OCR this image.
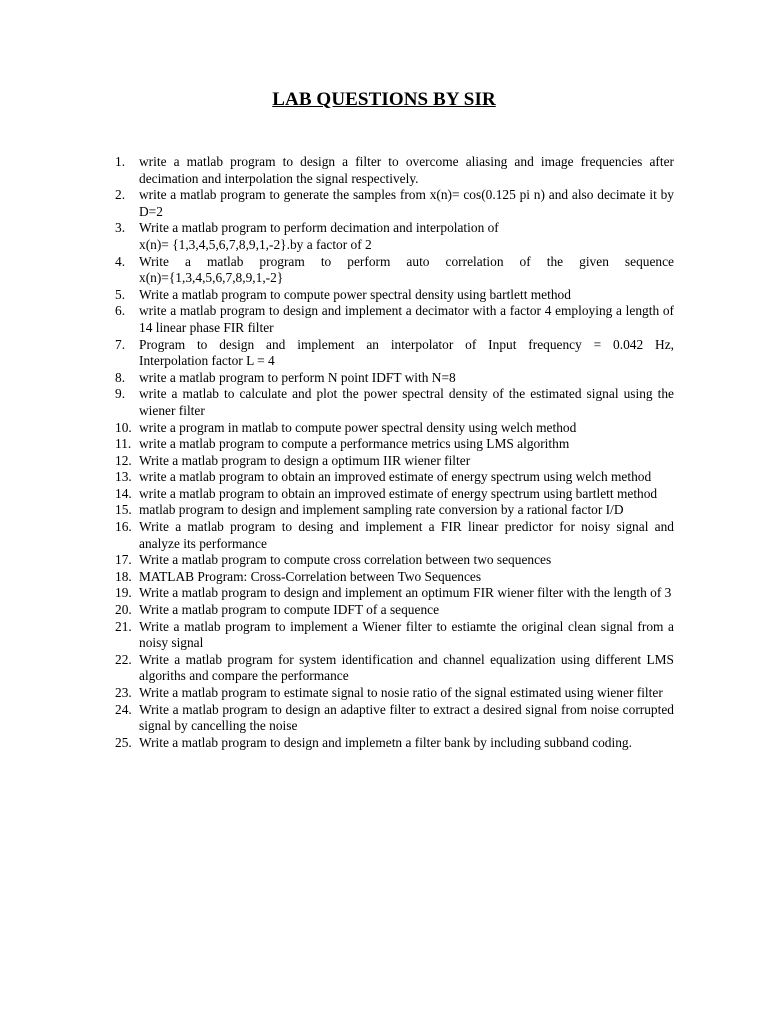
LAB QUESTIONS BY SIR
1. write a matlab program to design a filter to overcome aliasing and image frequencies after decimation and interpolation the signal respectively.
2. write a matlab program to generate the samples from x(n)= cos(0.125 pi n) and also decimate it by D=2
3. Write a matlab program to perform decimation and interpolation of
x(n)= {1,3,4,5,6,7,8,9,1,-2}.by a factor of 2
4. Write a matlab program to perform auto correlation of the given sequence
x(n)={1,3,4,5,6,7,8,9,1,-2}
5. Write a matlab program to compute power spectral density using bartlett method
6. write a matlab program to design and implement a decimator with a factor 4 employing a length of 14 linear phase FIR filter
7. Program to design and implement an interpolator of Input frequency = 0.042 Hz,
Interpolation factor L = 4
8. write a matlab program to perform N point IDFT with N=8
9. write a matlab to calculate and plot the power spectral density of the estimated signal using the wiener filter
10. write a program in matlab to compute power spectral density using welch method
11. write a matlab program to compute a performance metrics using LMS algorithm
12. Write a matlab program to design a optimum IIR wiener filter
13. write a matlab program to obtain an improved estimate of energy spectrum using welch method
14. write a matlab program to obtain an improved estimate of energy spectrum using bartlett method
15. matlab program to design and implement sampling rate conversion by a rational factor I/D
16. Write a matlab program to desing and implement a FIR linear predictor for noisy signal and analyze its performance
17. Write a matlab program to compute cross correlation between two sequences
18. MATLAB Program: Cross-Correlation between Two Sequences
19. Write a matlab program to design and implement an optimum FIR wiener filter with the length of 3
20. Write a matlab program to compute IDFT of a sequence
21. Write a matlab program to implement a Wiener filter to estiamte the original clean signal from a noisy signal
22. Write a matlab program for system identification and channel equalization using different LMS algoriths and compare the performance
23. Write a matlab program to estimate signal to nosie ratio of the signal estimated using wiener filter
24. Write a matlab program to design an adaptive filter to extract a desired signal from noise corrupted signal by cancelling the noise
25. Write a matlab program to design and implemetn a filter bank by including subband coding.
